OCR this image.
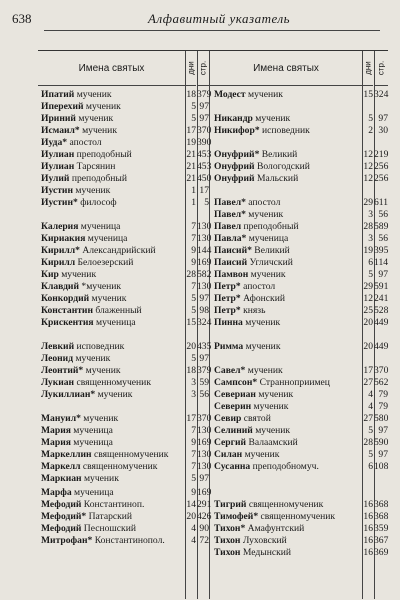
638	Алфавитный указатель
Имена святых	дни стр.	Имена святых	дни стр.
Ипатий мученик	18 379
Иперехий мученик	5 97
Ириний мученик	5 97
Исмаил* мученик	17 370
Иуда* апостол	19 390
Иулиан преподобный	21 453
Иулиан Тарсянин	21 453
Иулий преподобный	21 450
Иустин мученик	1 17
Иустин* философ	1 5
Калерия мученица	7 130
Кириакия мученица	7 130
Кирилл* Александрийский	9 144
Кирилл Белоезерский	9 169
Кир мученик	28 582
Клавдий *мученик	7 130
Конкордий мученик	5 97
Константин блаженный	5 98
Крискентия мученица	15 324
Левкий исповедник	20 435
Леонид мученик	5 97
Леонтий* мученик	18 379
Лукиан священномученик	3 59
Лукиллиан* мученик	3 56
Мануил* мученик	17 370
Мария мученица	7 130
Мария мученица	9 169
Маркеллин священномученик	7 130
Маркелл священномученик	7 130
Маркиан мученик	5 97
Марфа мученица	9 169
Мефодий Константиноп.	14 291
Мефодий* Патарский	20 426
Мефодий Песношский	4 90
Митрофан* Константинопол.	4 72
Модест мученик	15 324
Никандр мученик	5 97
Никифор* исповедник	2 30
Онуфрий* Великий	12 219
Онуфрий Вологодский	12 256
Онуфрий Мальский	12 256
Павел* апостол	29 611
Павел* мученик	3 56
Павел преподобный	28 589
Павла* мученица	3 56
Паисий* Великий	19 395
Паисий Угличский	6 114
Памвон мученик	5 97
Петр* апостол	29 591
Петр* Афонский	12 241
Петр* князь	25 528
Пинна мученик	20 449
Римма мученик	20 449
Савел* мученик	17 370
Сампсон* Странноприимец	27 562
Севериан мученик	4 79
Северин мученик	4 79
Севир святой	27 580
Селиний мученик	5 97
Сергий Валаамский	28 590
Силан мученик	5 97
Сусанна преподобномуч.	6 108
Тигрий священномученик	16 368
Тимофей* священномученик	16 368
Тихон* Амафунтский	16 359
Тихон Луховский	16 367
Тихон Медынский	16 369
